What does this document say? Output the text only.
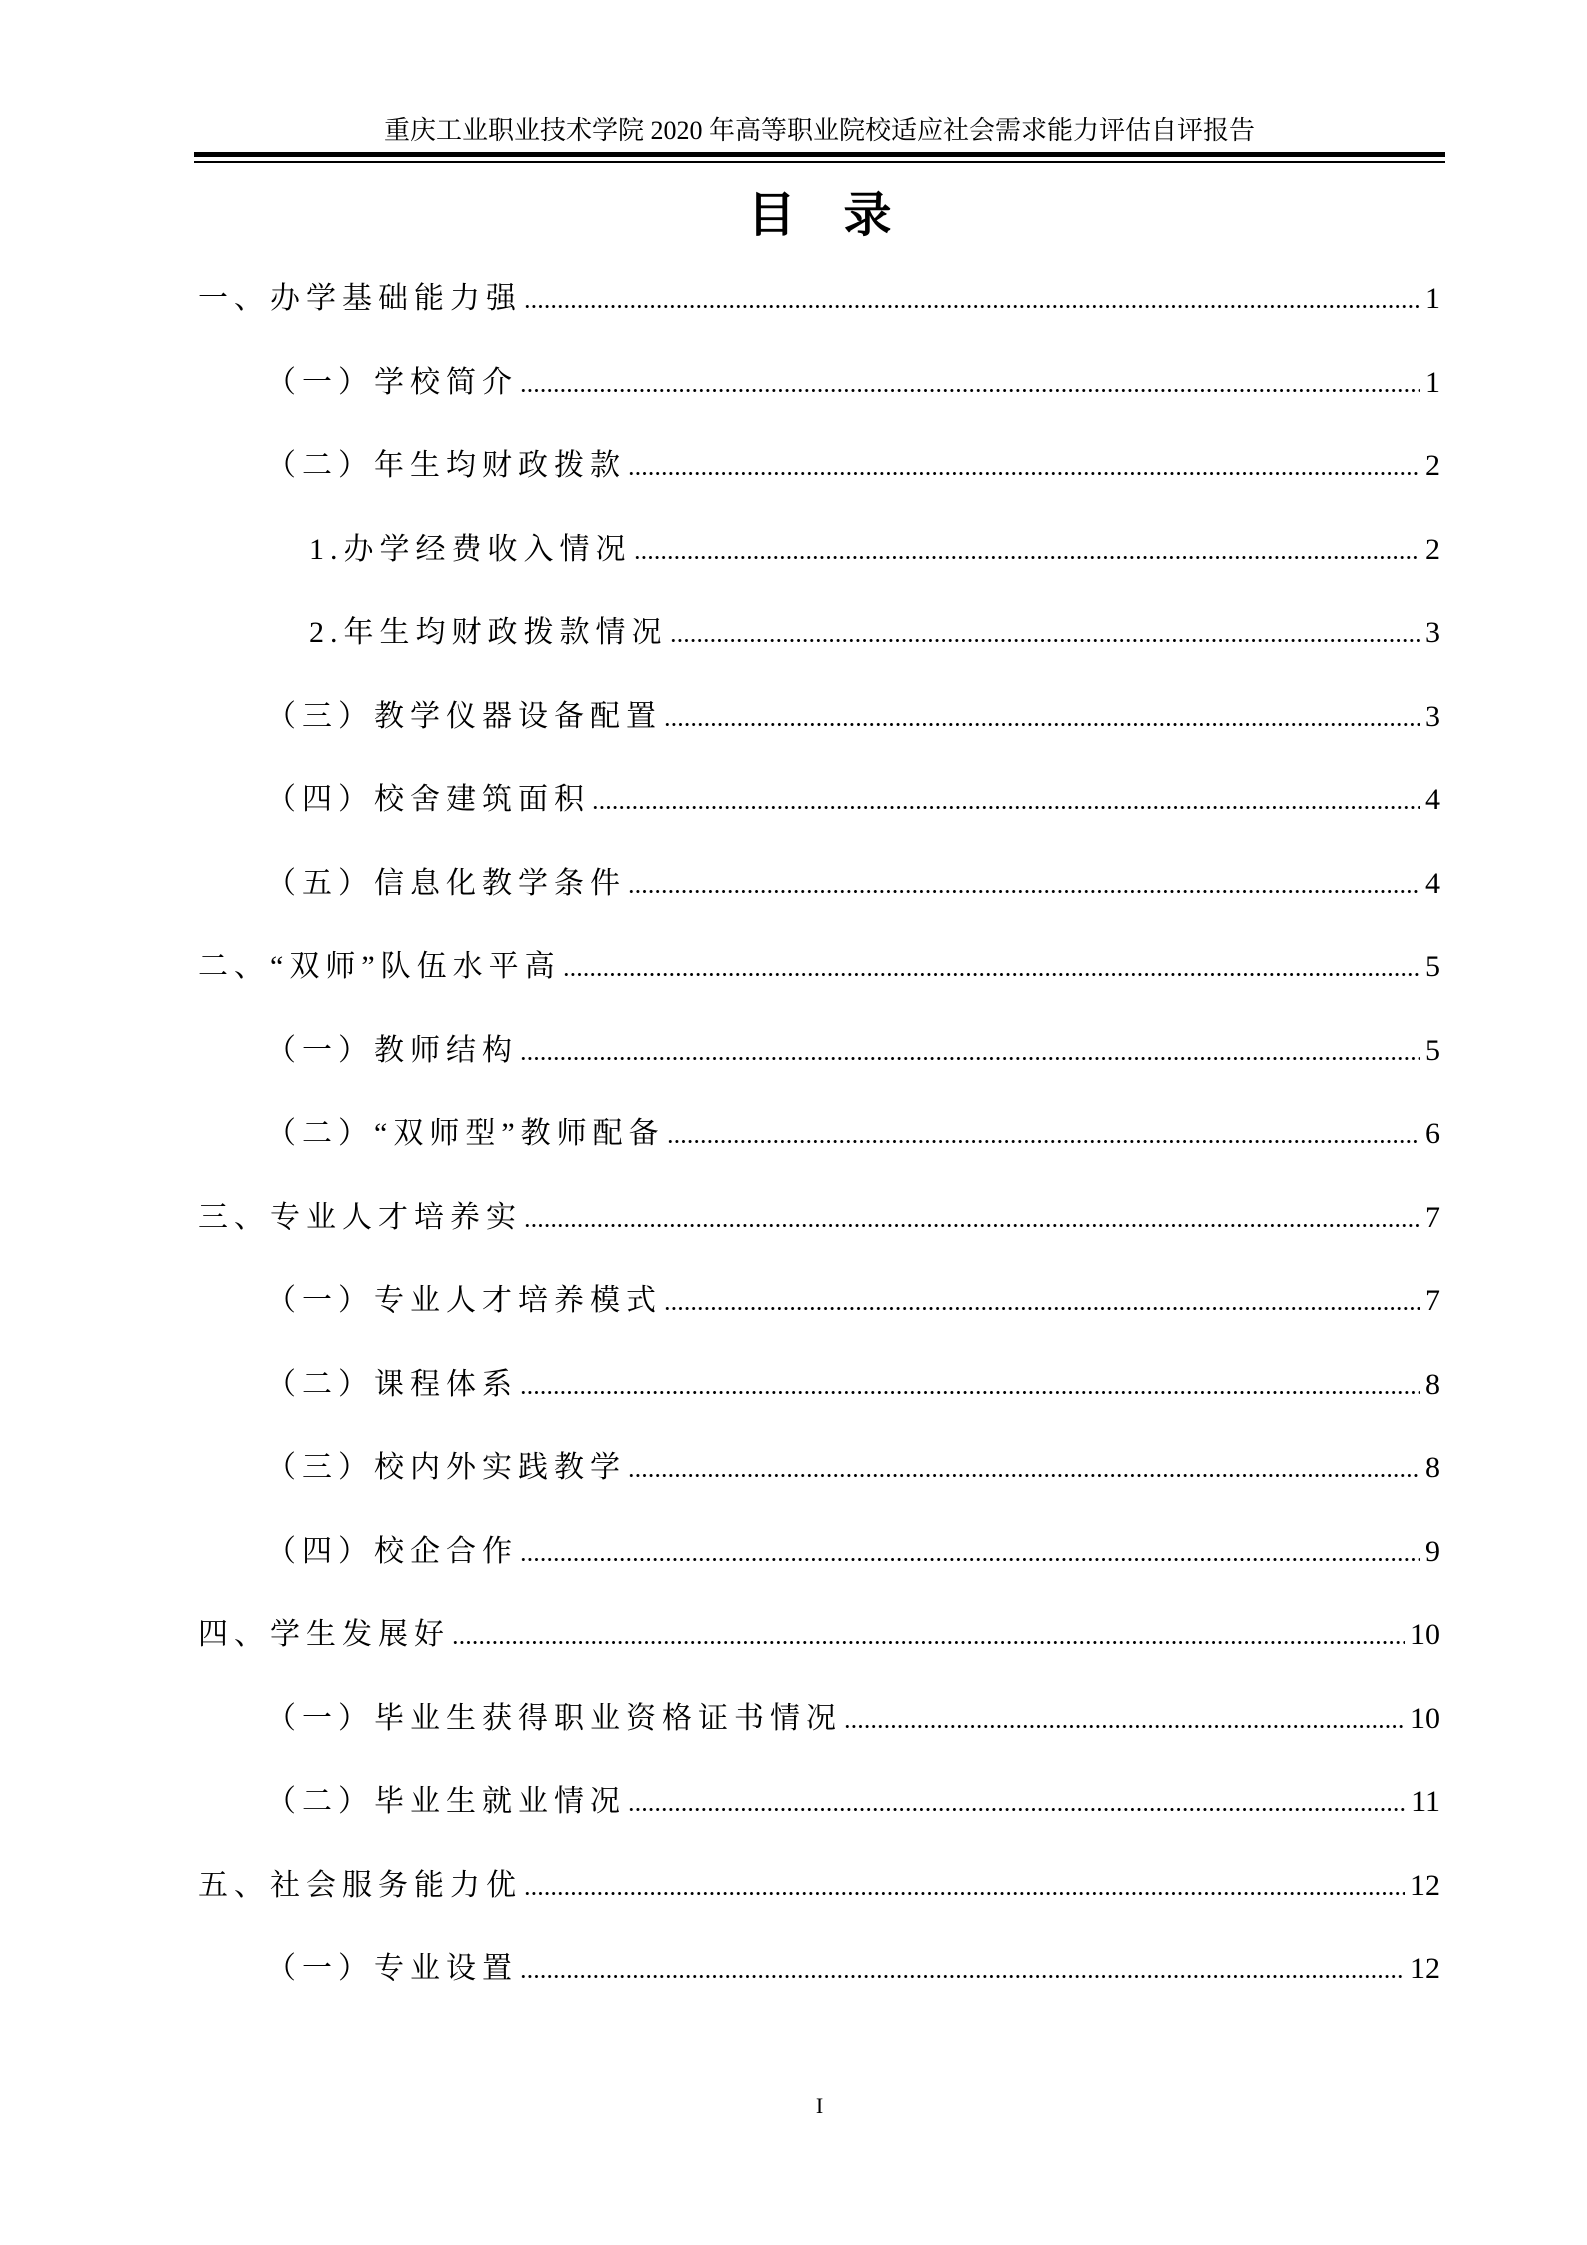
重庆工业职业技术学院 2020 年高等职业院校适应社会需求能力评估自评报告
目 录
一、办学基础能力强	1
（一）学校简介	1
（二）年生均财政拨款	2
1.办学经费收入情况	2
2.年生均财政拨款情况	3
（三）教学仪器设备配置	3
（四）校舍建筑面积	4
（五）信息化教学条件	4
二、“双师”队伍水平高	5
（一）教师结构	5
（二）“双师型”教师配备	6
三、专业人才培养实	7
（一）专业人才培养模式	7
（二）课程体系	8
（三）校内外实践教学	8
（四）校企合作	9
四、学生发展好	10
（一）毕业生获得职业资格证书情况	10
（二）毕业生就业情况	11
五、社会服务能力优	12
（一）专业设置	12
I
